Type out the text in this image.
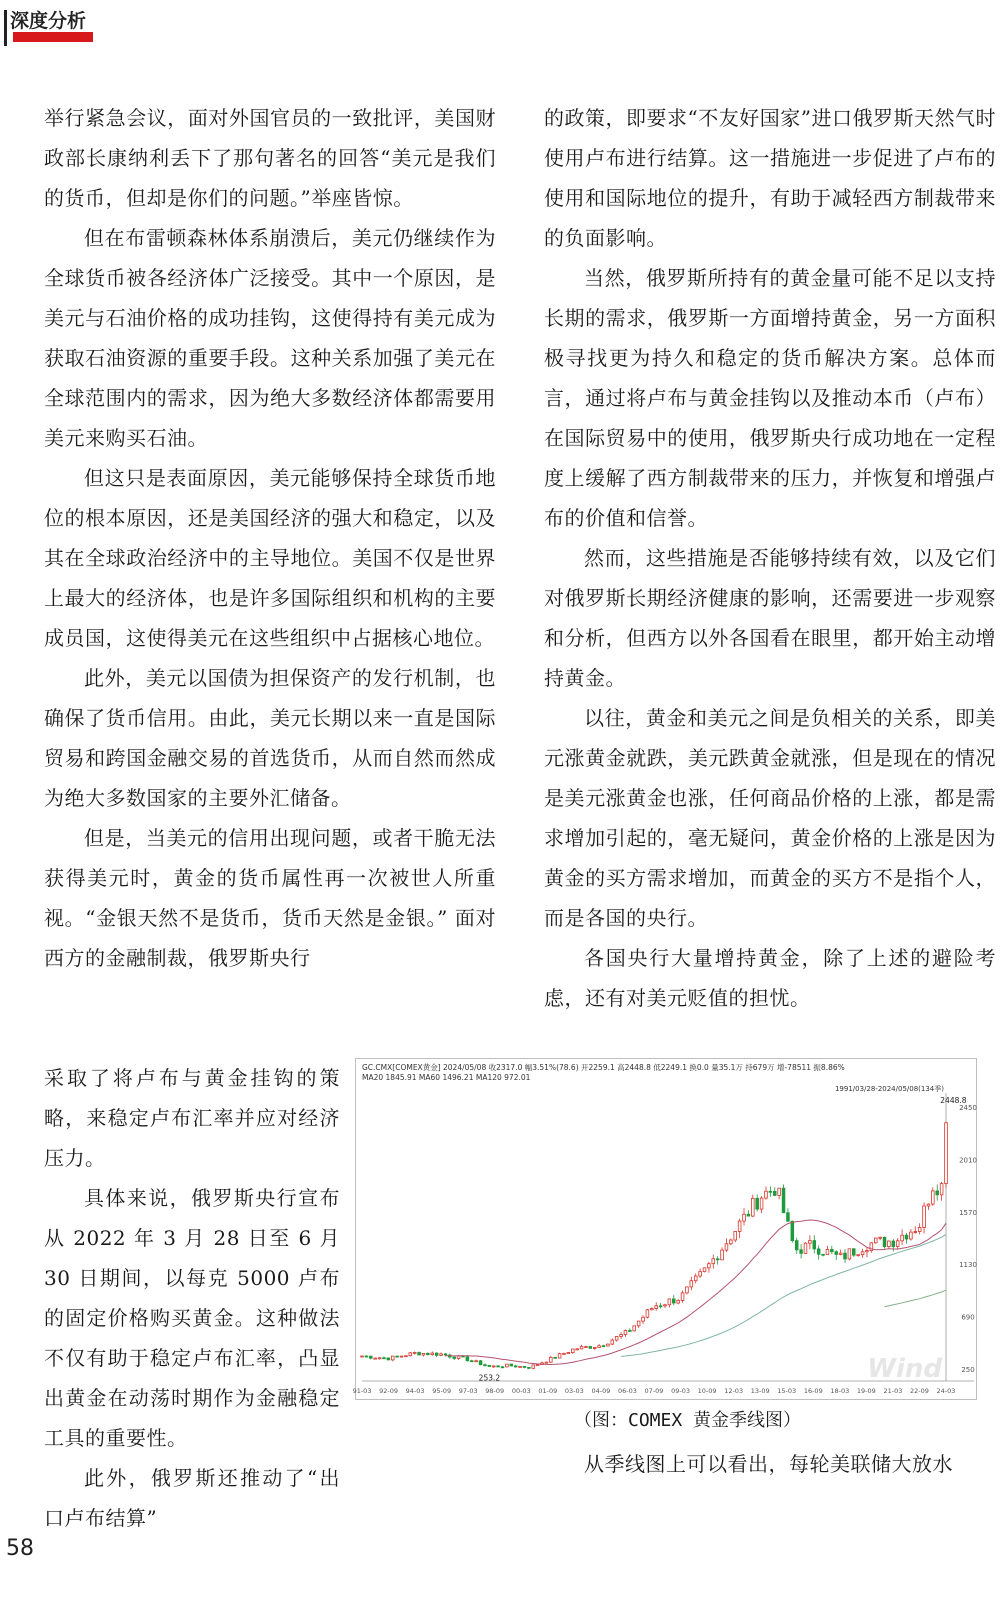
深度分析

举行紧急会议，面对外国官员的一致批评，美国财政部长康纳利丢下了那句著名的回答“美元是我们的货币，但却是你们的问题。”举座皆惊。

但在布雷顿森林体系崩溃后，美元仍继续作为全球货币被各经济体广泛接受。其中一个原因，是美元与石油价格的成功挂钩，这使得持有美元成为获取石油资源的重要手段。这种关系加强了美元在全球范围内的需求，因为绝大多数经济体都需要用美元来购买石油。

但这只是表面原因，美元能够保持全球货币地位的根本原因，还是美国经济的强大和稳定，以及其在全球政治经济中的主导地位。美国不仅是世界上最大的经济体，也是许多国际组织和机构的主要成员国，这使得美元在这些组织中占据核心地位。

此外，美元以国债为担保资产的发行机制，也确保了货币信用。由此，美元长期以来一直是国际贸易和跨国金融交易的首选货币，从而自然而然成为绝大多数国家的主要外汇储备。

但是，当美元的信用出现问题，或者干脆无法获得美元时，黄金的货币属性再一次被世人所重视。“金银天然不是货币，货币天然是金银。” 面对西方的金融制裁，俄罗斯央行

采取了将卢布与黄金挂钩的策略，来稳定卢布汇率并应对经济压力。

具体来说，俄罗斯央行宣布从 2022 年 3 月 28 日至 6 月 30 日期间，以每克 5000 卢布的固定价格购买黄金。这种做法不仅有助于稳定卢布汇率，凸显出黄金在动荡时期作为金融稳定工具的重要性。

此外，俄罗斯还推动了“出口卢布结算”

的政策，即要求“不友好国家”进口俄罗斯天然气时使用卢布进行结算。这一措施进一步促进了卢布的使用和国际地位的提升，有助于减轻西方制裁带来的负面影响。

当然，俄罗斯所持有的黄金量可能不足以支持长期的需求，俄罗斯一方面增持黄金，另一方面积极寻找更为持久和稳定的货币解决方案。总体而言，通过将卢布与黄金挂钩以及推动本币（卢布）在国际贸易中的使用，俄罗斯央行成功地在一定程度上缓解了西方制裁带来的压力，并恢复和增强卢布的价值和信誉。

然而，这些措施是否能够持续有效，以及它们对俄罗斯长期经济健康的影响，还需要进一步观察和分析，但西方以外各国看在眼里，都开始主动增持黄金。

以往，黄金和美元之间是负相关的关系，即美元涨黄金就跌，美元跌黄金就涨，但是现在的情况是美元涨黄金也涨，任何商品价格的上涨，都是需求增加引起的，毫无疑问，黄金价格的上涨是因为黄金的买方需求增加，而黄金的买方不是指个人，而是各国的央行。

各国央行大量增持黄金，除了上述的避险考虑，还有对美元贬值的担忧。

GC.CMX[COMEX黄金] 2024/05/08 收2317.0 幅3.51%(78.6) 开2259.1 高2448.8 低2249.1 换0.0 量35.1万 持679万 增-78511 振8.86%
MA20 1845.91 MA60 1496.21 MA120 972.01
1991/03/28-2024/05/08(134季)
250
690
1130
1570
2010
2450
91-03 92-09 94-03 95-09 97-03 98-09 00-03 01-09 03-03 04-09 06-03 07-09 09-03 10-09 12-03 13-09 15-03 16-09 18-03 19-09 21-03 22-09 24-03
Wind
2448.8
253.2
（图：COMEX 黄金季线图）

从季线图上可以看出，每轮美联储大放水

58
